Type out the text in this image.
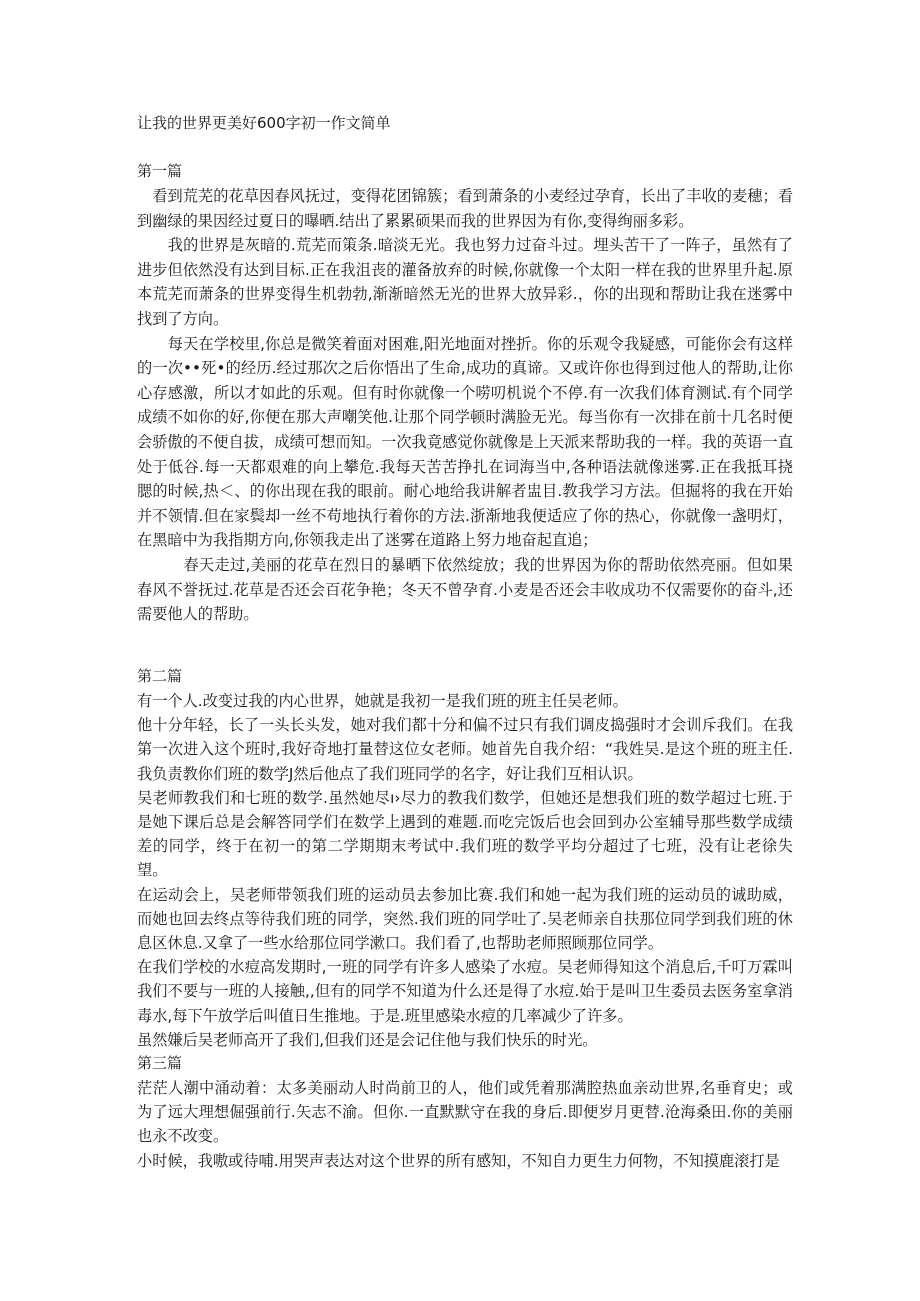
让我的世界更美好600字初一作文简单
第一篇

　看到荒芜的花草因春风抚过，变得花团锦簇；看到萧条的小麦经过孕育，长出了丰收的麦穗；看到幽绿的果因经过夏日的曝晒.结出了累累硕果而我的世界因为有你,变得绚丽多彩。

　　我的世界是灰暗的.荒芜而策条.暗淡无光。我也努力过奋斗过。埋头苦干了一阵子，虽然有了进步但依然没有达到目标.正在我沮丧的灌备放弃的时候,你就像一个太阳一样在我的世界里升起.原本荒芜而萧条的世界变得生机勃勃,渐渐暗然无光的世界大放异彩.，你的出现和帮助让我在迷雾中找到了方向。

　　每天在学校里,你总是微笑着面对困难,阳光地面对挫折。你的乐观令我疑感，可能你会有这样的一次••死•的经历.经过那次之后你悟出了生命,成功的真谛。又或许你也得到过他人的帮助,让你心存感激，所以才如此的乐观。但有时你就像一个唠叨机说个不停.有一次我们体育测试.有个同学成绩不如你的好,你便在那大声嘲笑他.让那个同学顿时满脸无光。每当你有一次排在前十几名时便会骄傲的不便自拔，成绩可想而知。一次我竟感觉你就像是上天派来帮助我的一样。我的英语一直处于低谷.每一天都艰难的向上攀危.我每天苦苦挣扎在词海当中,各种语法就像迷雾.正在我抵耳挠腮的时候,热＜、的你出现在我的眼前。耐心地给我讲解者盅目.教我学习方法。但掘将的我在开始并不领情.但在家鬓却一丝不苟地执行着你的方法.浙渐地我便适应了你的热心，你就像一盏明灯，在黑暗中为我指期方向,你领我走出了迷雾在道路上努力地奋起直追；

　　　春天走过,美丽的花草在烈日的暴晒下依然绽放；我的世界因为你的帮助依然亮丽。但如果春风不誉抚过.花草是否还会百花争艳；冬天不曾孕育.小麦是否还会丰收成功不仅需要你的奋斗,还需要他人的帮助。

第二篇

有一个人.改变过我的内心世界，她就是我初一是我们班的班主任吴老师。

他十分年轻，长了一头长头发，她对我们都十分和偏不过只有我们调皮捣强时才会训斥我们。在我第一次进入这个班时,我好奇地打量替这位女老师。她首先自我介绍：“我姓吴.是这个班的班主任.我负责教你们班的数学J然后他点了我们班同学的名字，好让我们互相认识。

吴老师教我们和七班的数学.虽然她尽ı›尽力的教我们数学，但她还是想我们班的数学超过七班.于是她下课后总是会解答同学们在数学上遇到的难题.而吃完饭后也会回到办公室辅导那些数学成绩差的同学，终于在初一的第二学期期末考试中.我们班的数学平均分超过了七班，没有让老徐失望。

在运动会上，吴老师带领我们班的运动员去参加比赛.我们和她一起为我们班的运动员的诚助威，而她也回去终点等待我们班的同学，突然.我们班的同学吐了.吴老师亲自扶那位同学到我们班的休息区休息.又拿了一些水给那位同学漱口。我们看了,也帮助老师照顾那位同学。

在我们学校的水痘高发期时,一班的同学有许多人感染了水痘。吴老师得知这个消息后,千叮万霖叫我们不要与一班的人接触,,但有的同学不知道为什么还是得了水痘.始于是叫卫生委员去医务室拿消毒水,每下午放学后叫值日生推地。于是.班里感染水痘的几率减少了许多。

虽然嫌后吴老师高开了我们,但我们还是会记住他与我们快乐的时光。

第三篇

茫茫人潮中涌动着：太多美丽动人时尚前卫的人，他们或凭着那满腔热血亲动世界,名垂育史；或为了远大理想倔强前行.矢志不渝。但你.一直默默守在我的身后.即便岁月更替.沧海桑田.你的美丽也永不改变。

小时候，我嗷或待哺.用哭声表达对这个世界的所有感知，不知自力更生力何物，不知摸鹿滚打是
